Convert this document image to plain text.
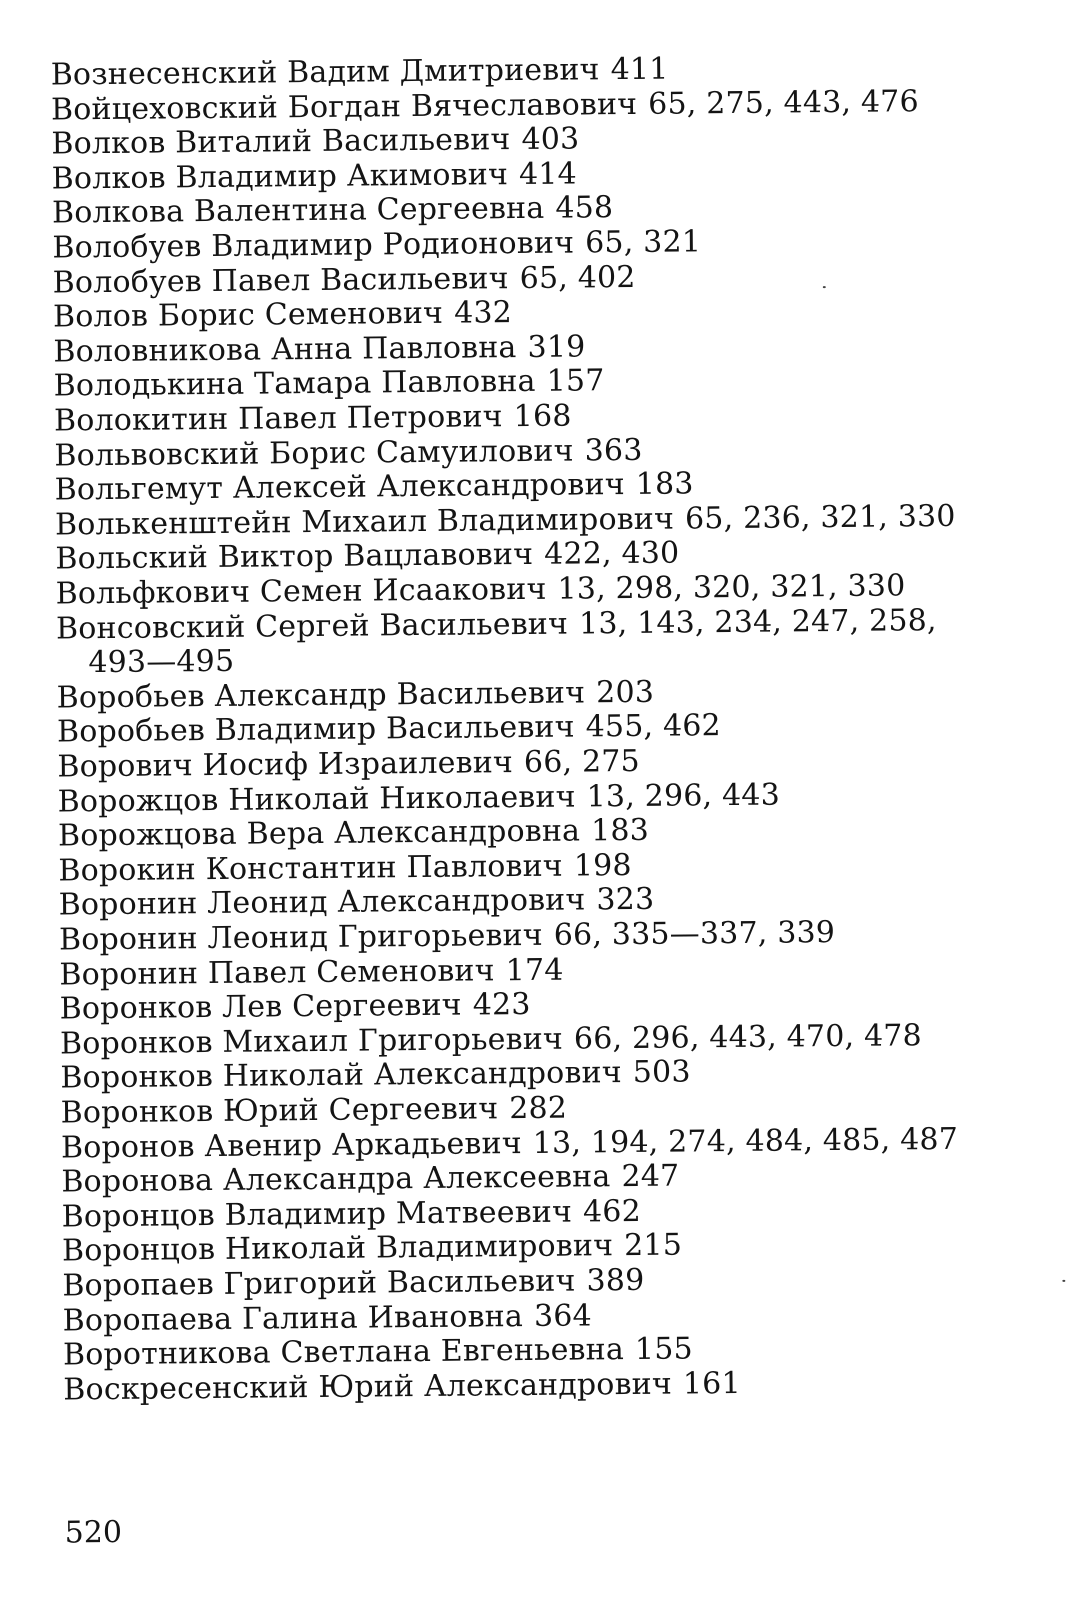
Вознесенский Вадим Дмитриевич 411
Войцеховский Богдан Вячеславович 65, 275, 443, 476
Волков Виталий Васильевич 403
Волков Владимир Акимович 414
Волкова Валентина Сергеевна 458
Волобуев Владимир Родионович 65, 321
Волобуев Павел Васильевич 65, 402
Волов Борис Семенович 432
Воловникова Анна Павловна 319
Володькина Тамара Павловна 157
Волокитин Павел Петрович 168
Вольвовский Борис Самуилович 363
Вольгемут Алексей Александрович 183
Волькенштейн Михаил Владимирович 65, 236, 321, 330
Вольский Виктор Вацлавович 422, 430
Вольфкович Семен Исаакович 13, 298, 320, 321, 330
Вонсовский Сергей Васильевич 13, 143, 234, 247, 258,
493—495
Воробьев Александр Васильевич 203
Воробьев Владимир Васильевич 455, 462
Ворович Иосиф Израилевич 66, 275
Ворожцов Николай Николаевич 13, 296, 443
Ворожцова Вера Александровна 183
Ворокин Константин Павлович 198
Воронин Леонид Александрович 323
Воронин Леонид Григорьевич 66, 335—337, 339
Воронин Павел Семенович 174
Воронков Лев Сергеевич 423
Воронков Михаил Григорьевич 66, 296, 443, 470, 478
Воронков Николай Александрович 503
Воронков Юрий Сергеевич 282
Воронов Авенир Аркадьевич 13, 194, 274, 484, 485, 487
Воронова Александра Алексеевна 247
Воронцов Владимир Матвеевич 462
Воронцов Николай Владимирович 215
Воропаев Григорий Васильевич 389
Воропаева Галина Ивановна 364
Воротникова Светлана Евгеньевна 155
Воскресенский Юрий Александрович 161
520
